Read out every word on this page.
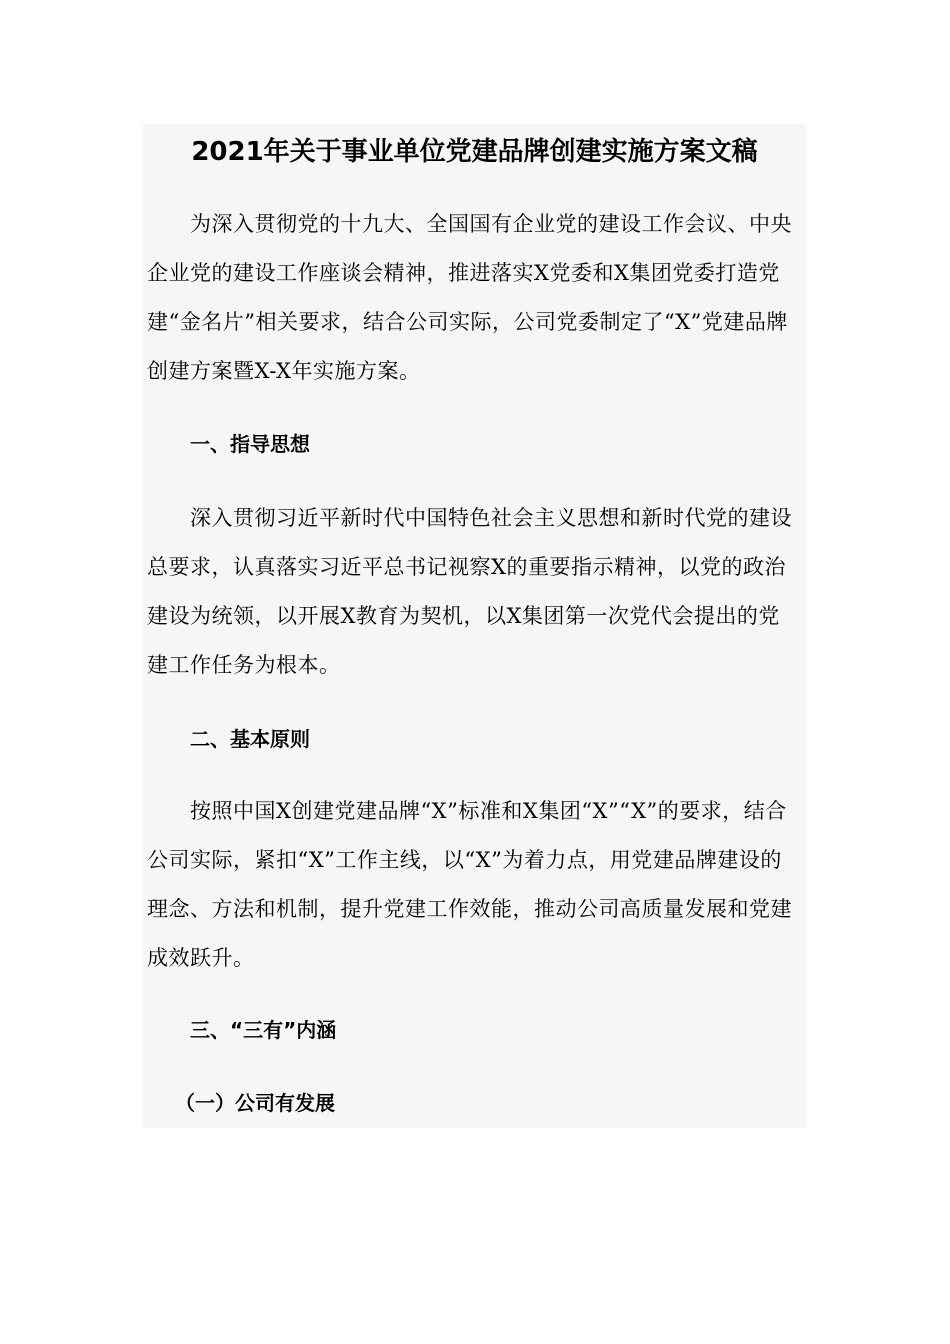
2021年关于事业单位党建品牌创建实施方案文稿

为深入贯彻党的十九大、全国国有企业党的建设工作会议、中央企业党的建设工作座谈会精神，推进落实X党委和X集团党委打造党建“金名片”相关要求，结合公司实际，公司党委制定了“X”党建品牌创建方案暨X-X年实施方案。

一、指导思想

深入贯彻习近平新时代中国特色社会主义思想和新时代党的建设总要求，认真落实习近平总书记视察X的重要指示精神，以党的政治建设为统领，以开展X教育为契机，以X集团第一次党代会提出的党建工作任务为根本。

二、基本原则

按照中国X创建党建品牌“X”标准和X集团“X”“X”的要求，结合公司实际，紧扣“X”工作主线，以“X”为着力点，用党建品牌建设的理念、方法和机制，提升党建工作效能，推动公司高质量发展和党建成效跃升。

三、“三有”内涵
（一）公司有发展
